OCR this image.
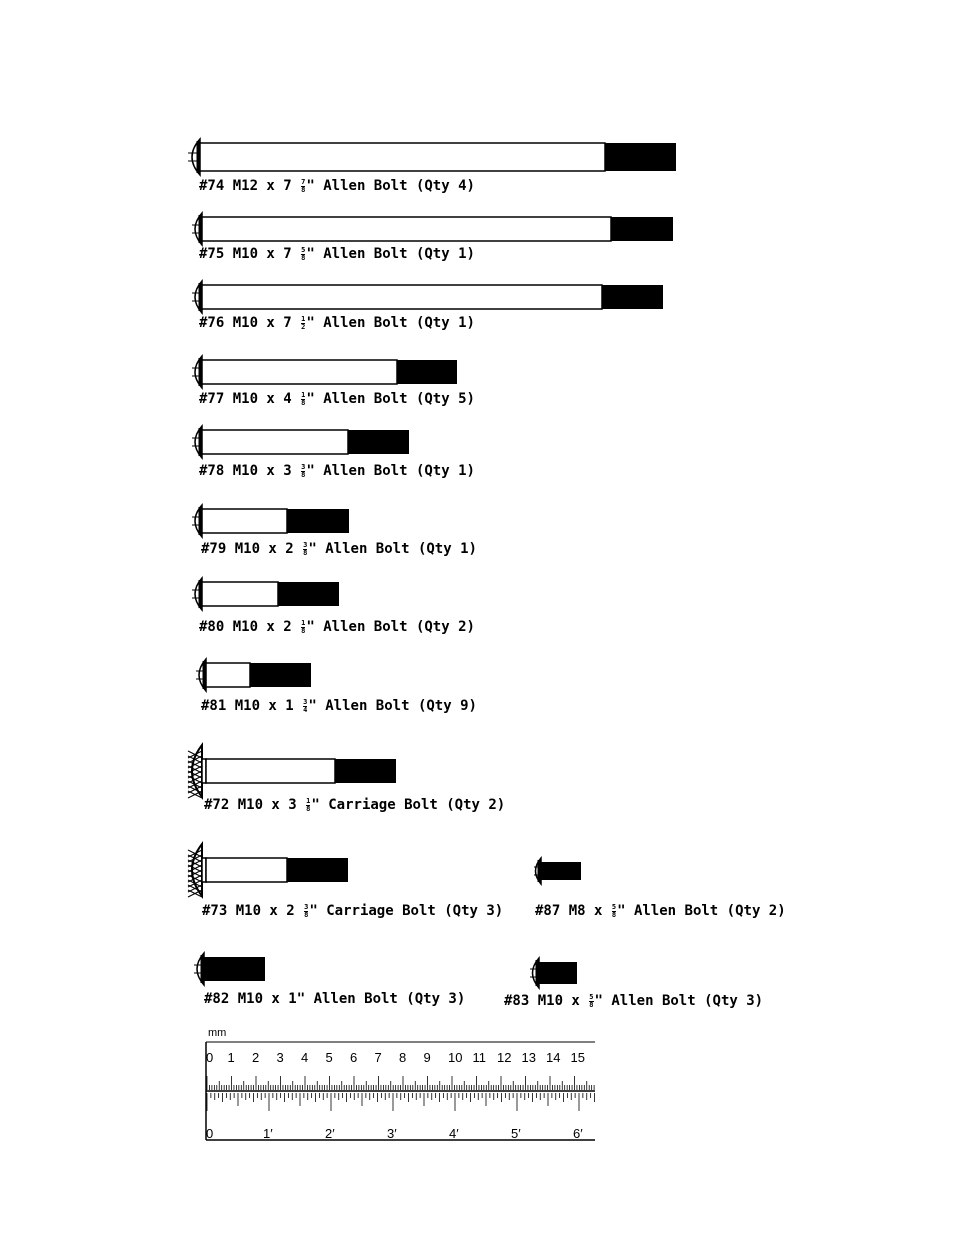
mm
0 1 2 3 4 5 6 7 8 9 10 11 12 13 14 15
0	1′	2′	3′	4′	5′	6′
#74 M12 x $7 \frac{7}{8}$ " Allen Bolt (Qty 4)
#75 M10 x $7 \frac{5}{8}$ " Allen Bolt (Qty 1)
#76 M10 x $7 \frac{1}{2}$ " Allen Bolt (Qty 1)
#77 M10 x $4 \frac{1}{8}$ " Allen Bolt (Qty 5)
#78 M10 x $3 \frac{3}{8}$ " Allen Bolt (Qty 1)
#79 M10 x $2 \frac{3}{8}$ " Allen Bolt (Qty 1)
#80 M10 x $2 \frac{1}{8}$ " Allen Bolt (Qty 2)
#81 M10 x $1 \frac{3}{4}$ " Allen Bolt (Qty 9)
#72 M10 x $3 \frac{1}{8}$ " Carriage Bolt (Qty 2)
#73 M10 x $2 \frac{3}{8}$ " Carriage Bolt (Qty 3) #87 M8 x $\frac{5}{8}$ " Allen Bolt (Qty 2)
#82 M10 x 1" Allen Bolt (Qty 3)	#83 M10 x $\frac{5}{8}$ " Allen Bolt (Qty 3)
